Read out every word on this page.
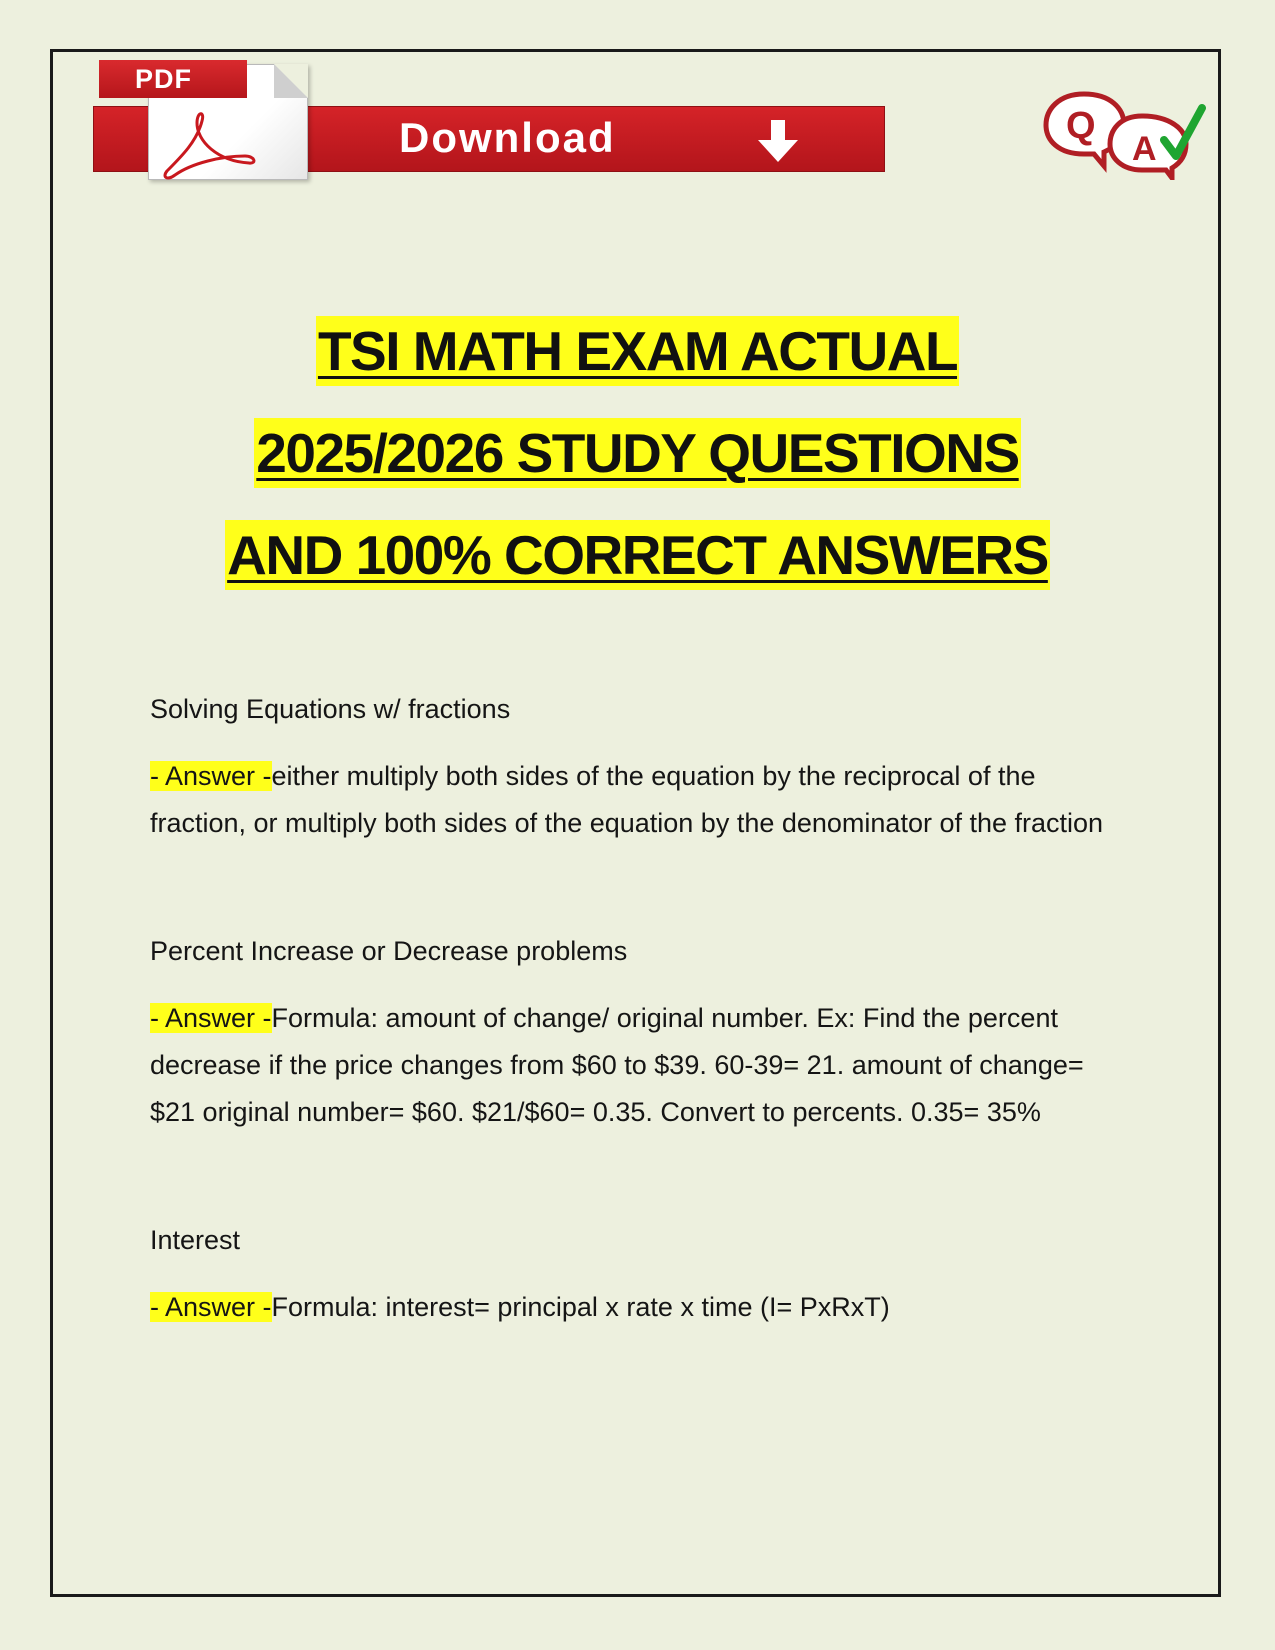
PDF
Download	Q
A
TSI MATH EXAM ACTUAL
2025/2026 STUDY QUESTIONS
AND 100% CORRECT ANSWERS

Solving Equations w/ fractions

- Answer -either multiply both sides of the equation by the reciprocal of the fraction, or multiply both sides of the equation by the denominator of the fraction

Percent Increase or Decrease problems

- Answer -Formula: amount of change/ original number. Ex: Find the percent decrease if the price changes from $60 to $39. 60-39= 21. amount of change= $21 original number= $60. $21/$60= 0.35. Convert to percents. 0.35= 35%

Interest

- Answer -Formula: interest= principal x rate x time (I= PxRxT)
